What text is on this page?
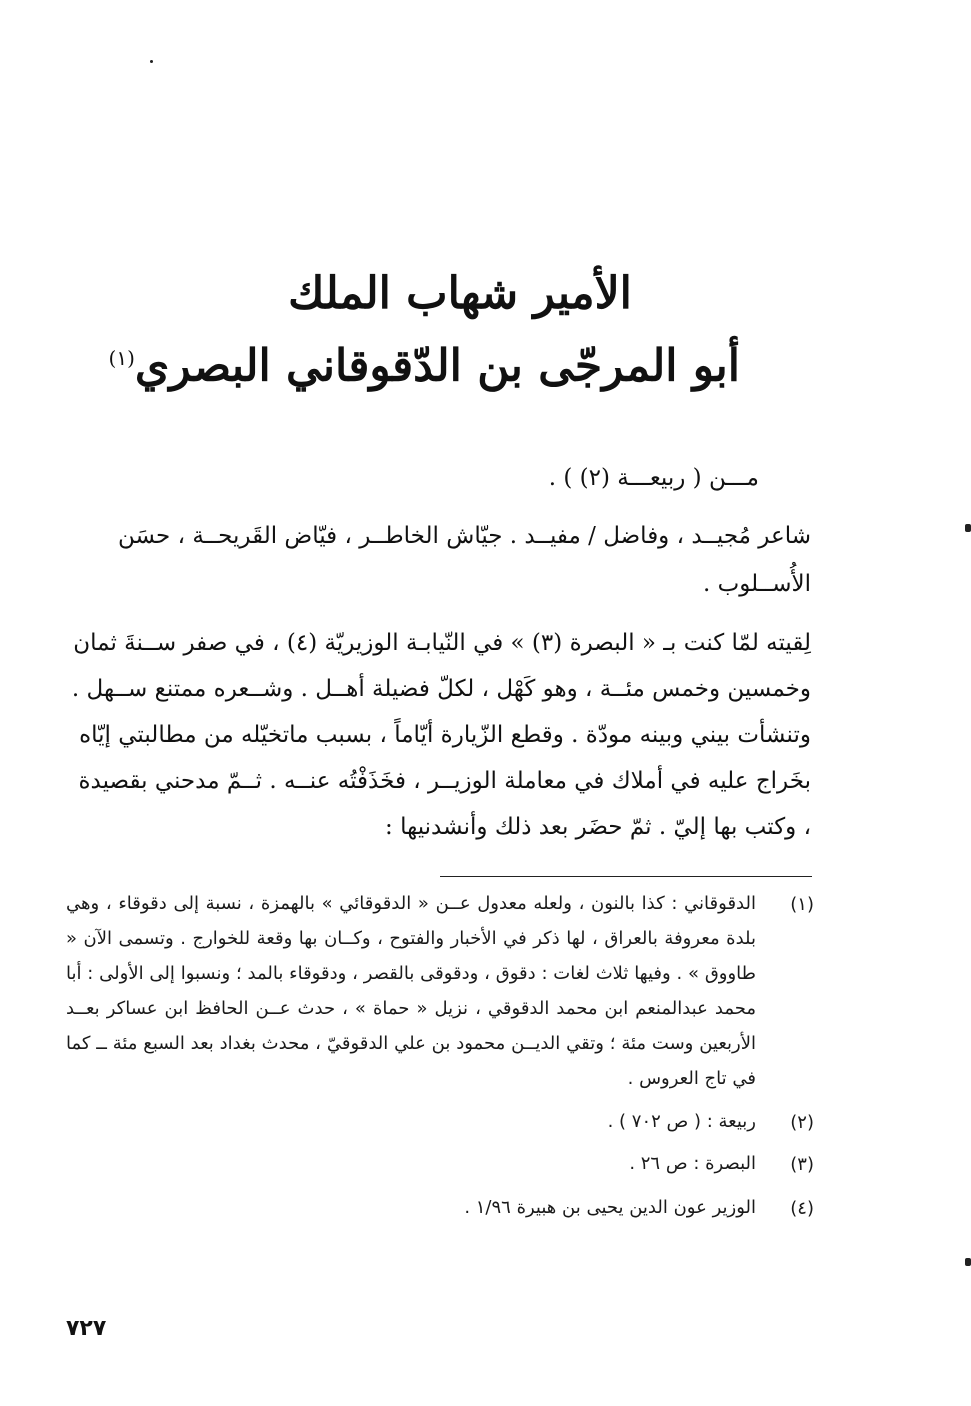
الأمير شهاب الملك
أبو المرجّى بن الدّقوقاني البصري$^{(١)}$

مـــن ( ربيعـــة (٢) ) .

شاعر مُجيــد ، وفاضل / مفيــد . جيّاش الخاطــر ، فيّاض القَريحــة ، حسَن الأُســلوب .

لِقيته لمّا كنت بـ « البصرة (٣) » في النّيابـة الوزيريّة (٤) ، في صفر ســنةَ ثمان وخمسين وخمس مئــة ، وهو كَهْل ، لكلّ فضيلة أهــل . وشــعره ممتنع ســهل . وتنشأت بيني وبينه مودّة . وقطع الزّيارة أيّاماً ، بسبب ماتخيّله من مطالبتي إيّاه بخَراج عليه في أملاك في معاملة الوزيــر ، فخَذَفْتُه عنــه . ثــمّ مدحني بقصيدة ، وكتب بها إليّ . ثمّ حضَر بعد ذلك وأنشدنيها :

(١)
الدقوقاني : كذا بالنون ، ولعله معدول عــن « الدقوقائي » بالهمزة ، نسبة إلى دقوقاء ، وهي بلدة معروفة بالعراق ، لها ذكر في الأخبار والفتوح ، وكــان بها وقعة للخوارج . وتسمى الآن « طاووق » . وفيها ثلاث لغات : دقوق ، ودقوقى بالقصر ، ودقوقاء بالمد ؛ ونسبوا إلى الأولى : أبا محمد عبدالمنعم ابن محمد الدقوقي ، نزيل « حماة » ، حدث عــن الحافظ ابن عساكر بعــد الأربعين وست مئة ؛ وتقي الديــن محمود بن علي الدقوقيّ ، محدث بغداد بعد السبع مئة ــ كما في تاج العروس .
(٢)
ربيعة : ( ص ٧٠٢ ) .
(٣)
البصرة : ص ٢٦ .
(٤)
الوزير عون الدين يحيى بن هبيرة ١/٩٦ .
٧٢٧
